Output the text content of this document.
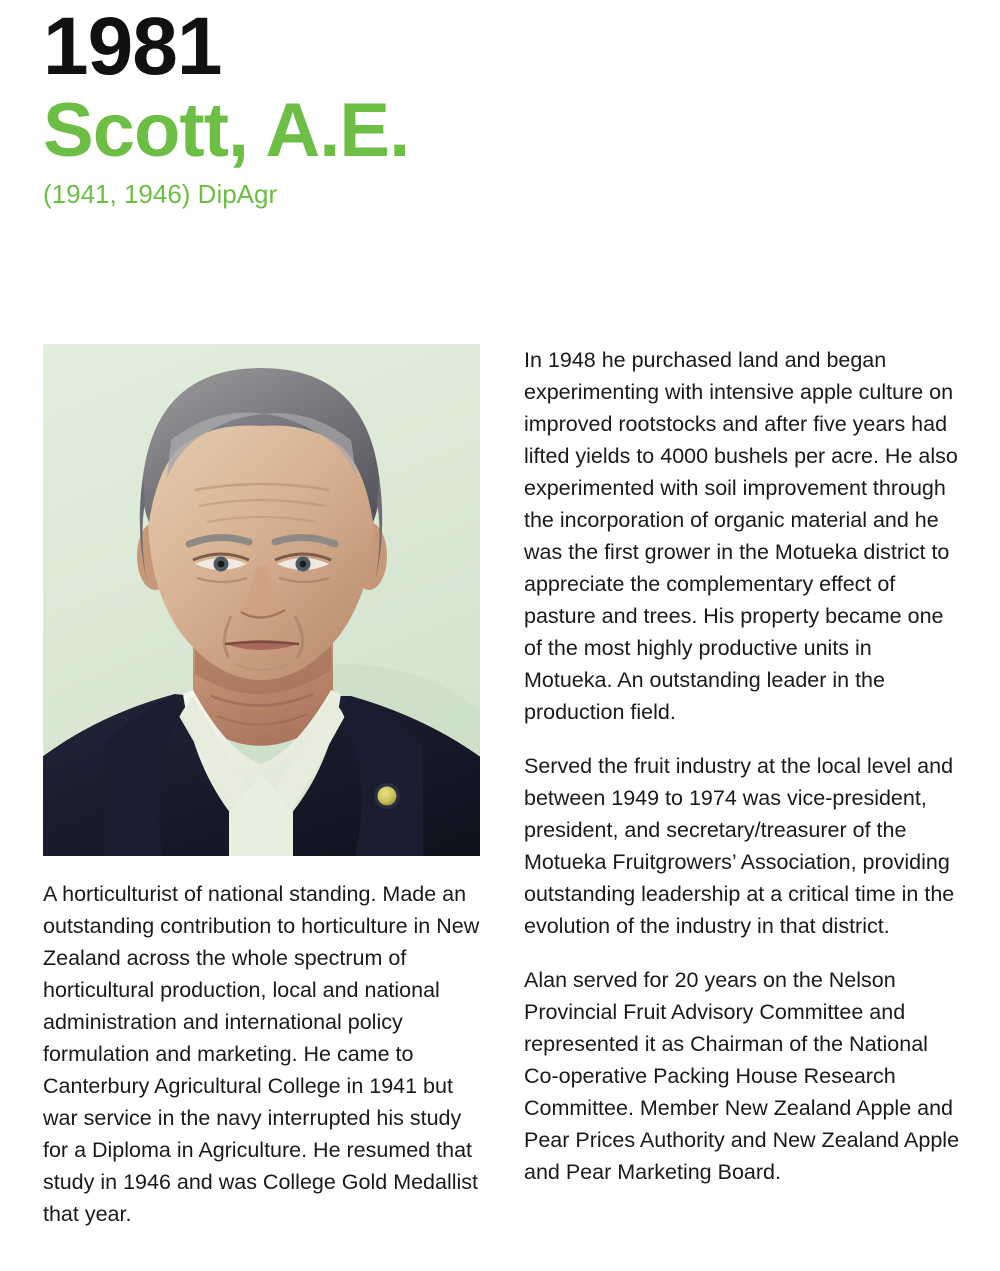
1981
Scott, A.E.
(1941, 1946) DipAgr
A horticulturist of national standing. Made an outstanding contribution to horticulture in New Zealand across the whole spectrum of horticultural production, local and national administration and international policy formulation and marketing. He came to Canterbury Agricultural College in 1941 but war service in the navy interrupted his study for a Diploma in Agriculture. He resumed that study in 1946 and was College Gold Medallist that year.
In 1948 he purchased land and began experimenting with intensive apple culture on improved rootstocks and after five years had lifted yields to 4000 bushels per acre. He also experimented with soil improvement through the incorporation of organic material and he was the first grower in the Motueka district to appreciate the complementary effect of pasture and trees. His property became one of the most highly productive units in Motueka. An outstanding leader in the production field.
Served the fruit industry at the local level and between 1949 to 1974 was vice-president, president, and secretary/treasurer of the Motueka Fruitgrowers’ Association, providing outstanding leadership at a critical time in the evolution of the industry in that district.
Alan served for 20 years on the Nelson Provincial Fruit Advisory Committee and represented it as Chairman of the National Co-operative Packing House Research Committee. Member New Zealand Apple and Pear Prices Authority and New Zealand Apple and Pear Marketing Board.
